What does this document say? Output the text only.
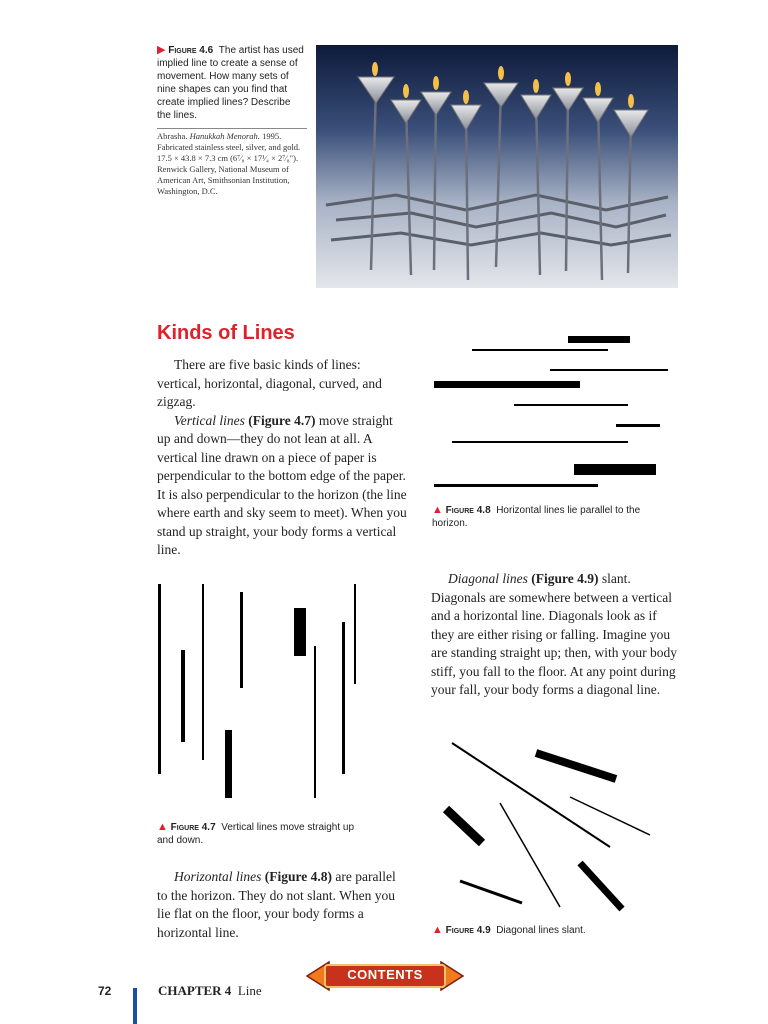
▶ Figure 4.6 The artist has used implied line to create a sense of movement. How many sets of nine shapes can you find that create implied lines? Describe the lines.
Abrasha. Hanukkah Menorah. 1995. Fabricated stainless steel, silver, and gold. 17.5 × 43.8 × 7.3 cm (6⁷⁄₈ × 17¹⁄₄ × 2⁷⁄₈"). Renwick Gallery, National Museum of American Art, Smithsonian Institution, Washington, D.C.
Kinds of Lines
There are five basic kinds of lines: vertical, horizontal, diagonal, curved, and zigzag.
Vertical lines (Figure 4.7) move straight up and down—they do not lean at all. A vertical line drawn on a piece of paper is perpendicular to the bottom edge of the paper. It is also perpendicular to the horizon (the line where earth and sky seem to meet). When you stand up straight, your body forms a vertical line.
▲ Figure 4.7 Vertical lines move straight up and down.
Horizontal lines (Figure 4.8) are parallel to the horizon. They do not slant. When you lie flat on the floor, your body forms a horizontal line.
▲ Figure 4.8 Horizontal lines lie parallel to the horizon.
Diagonal lines (Figure 4.9) slant. Diagonals are somewhere between a vertical and a horizontal line. Diagonals look as if they are either rising or falling. Imagine you are standing straight up; then, with your body stiff, you fall to the floor. At any point during your fall, your body forms a diagonal line.
▲ Figure 4.9 Diagonal lines slant.
CONTENTS
72	CHAPTER 4 Line
